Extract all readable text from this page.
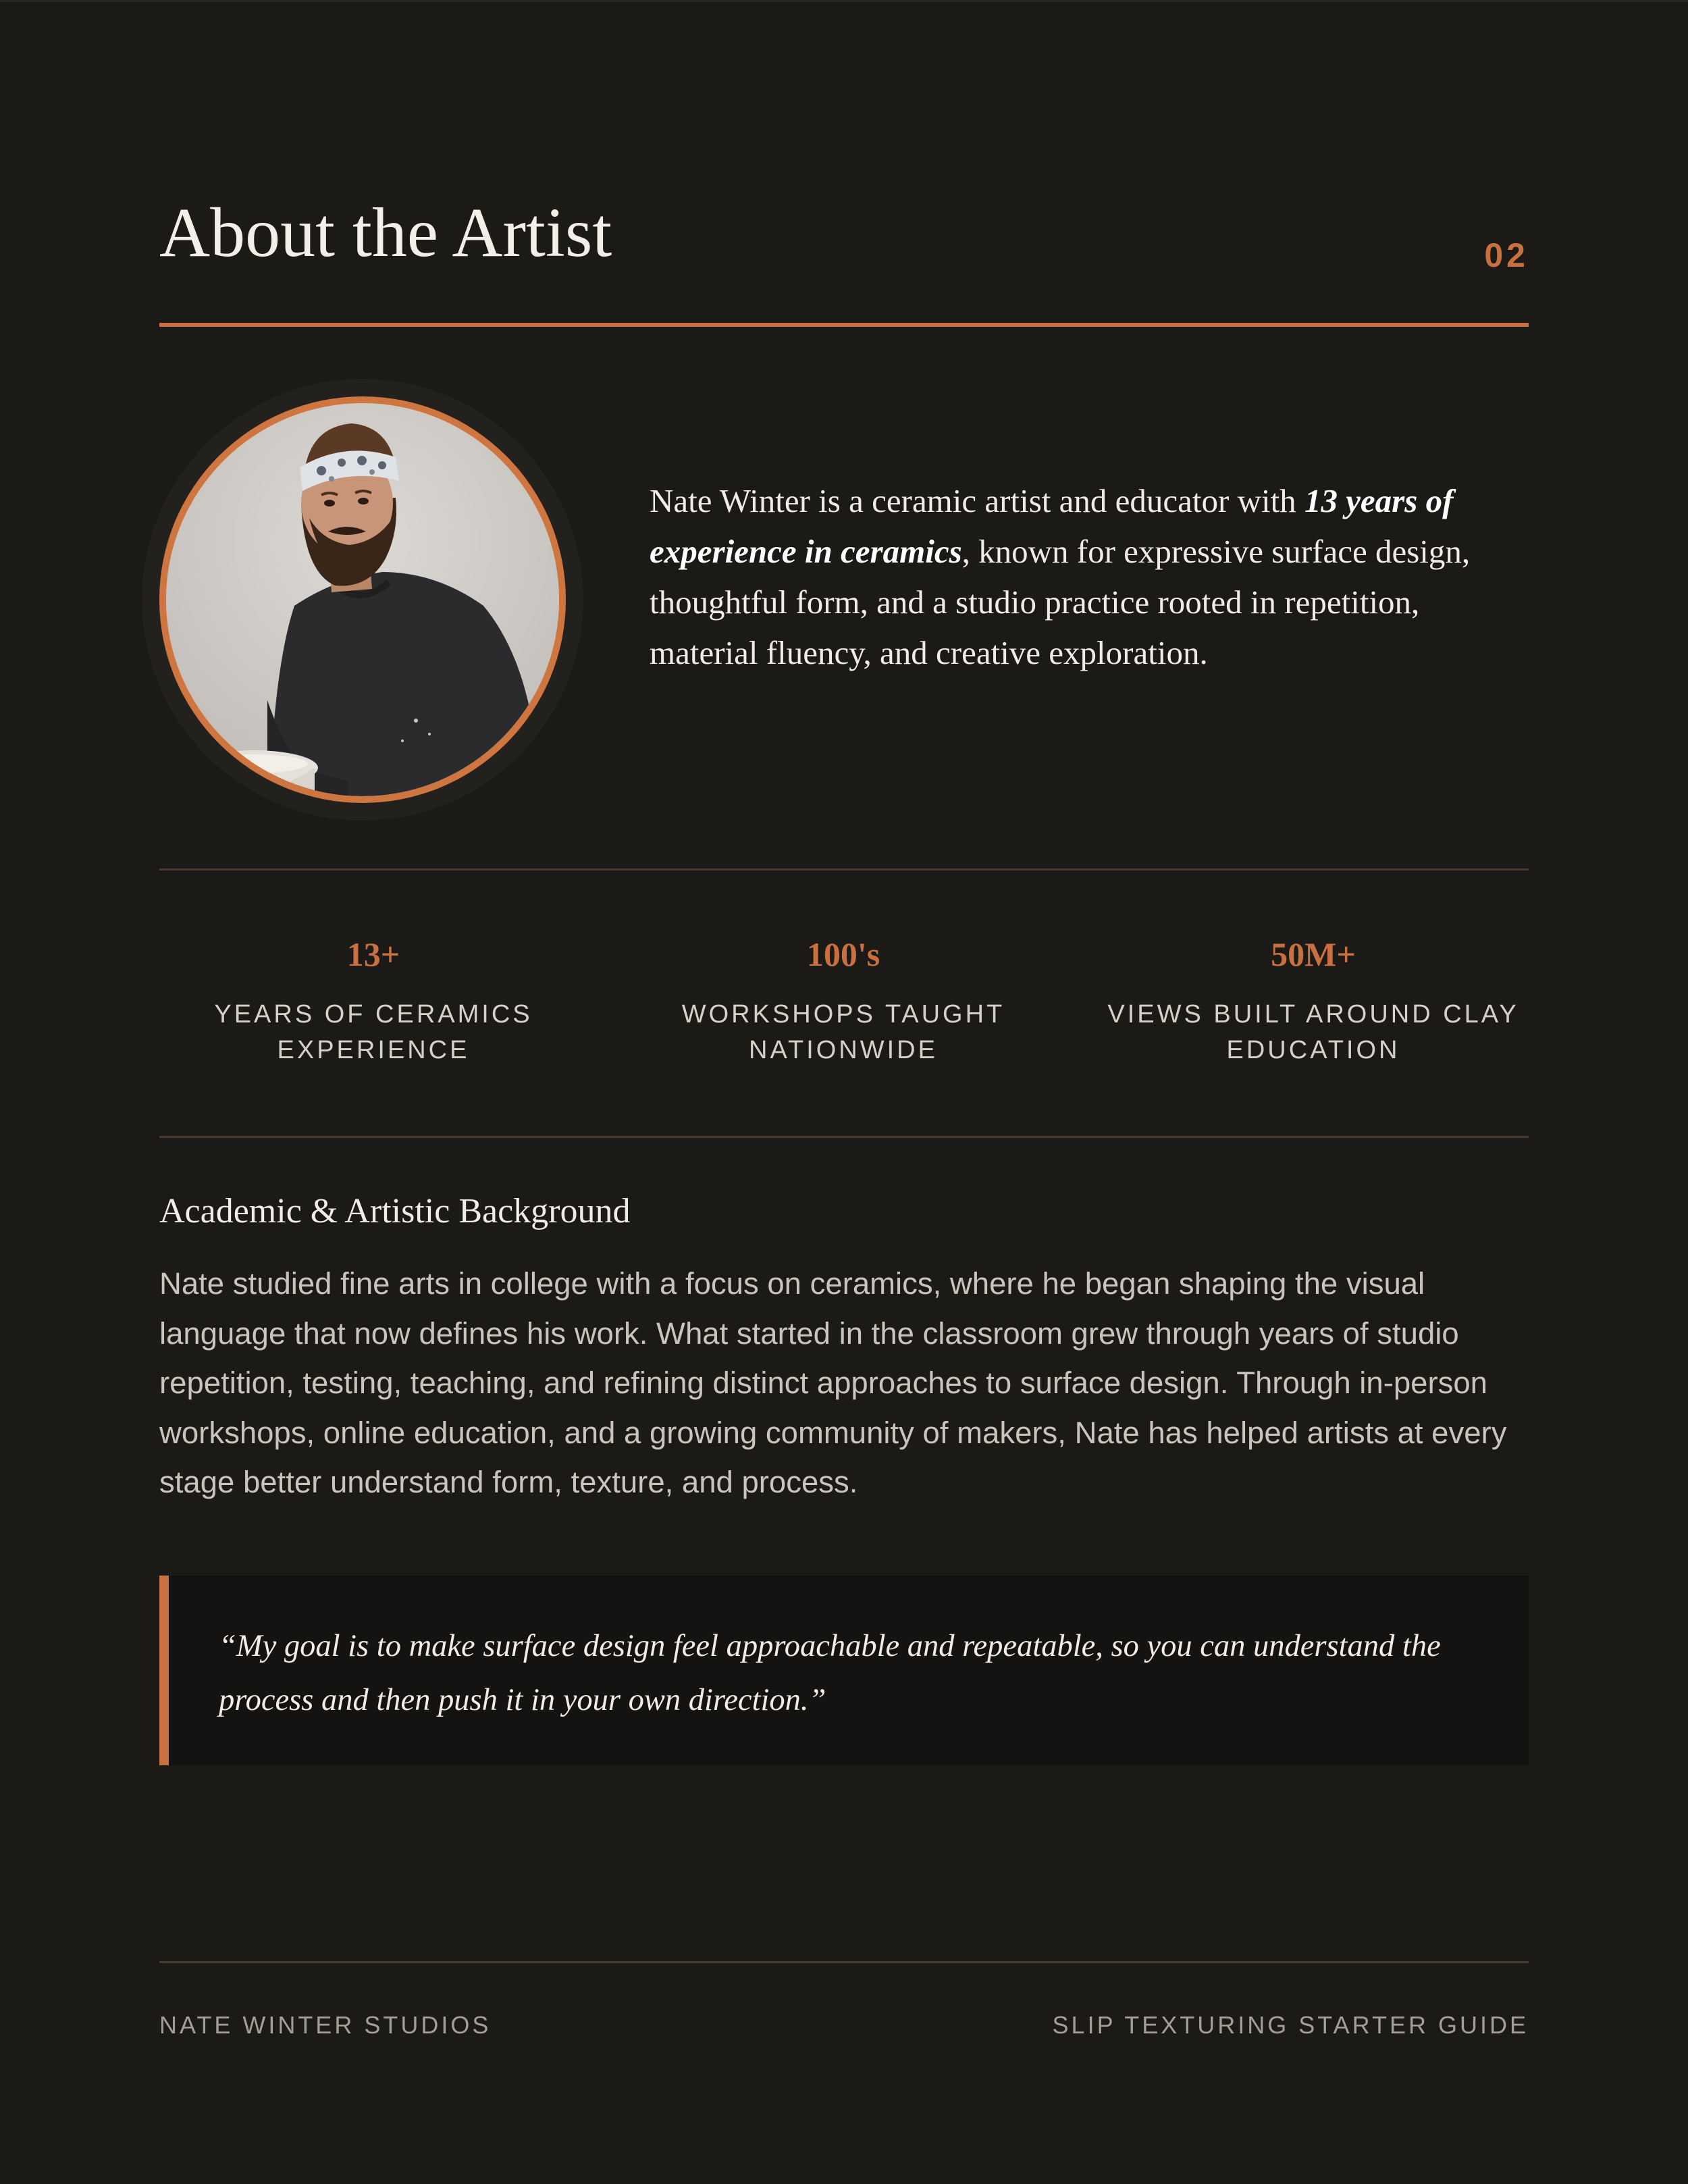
About the Artist	02
Nate Winter is a ceramic artist and educator with 13 years of experience in ceramics, known for expressive surface design, thoughtful form, and a studio practice rooted in repetition, material fluency, and creative exploration.
13+
YEARS OF CERAMICS
EXPERIENCE
100's
WORKSHOPS TAUGHT
NATIONWIDE
50M+
VIEWS BUILT AROUND CLAY
EDUCATION
Academic & Artistic Background
Nate studied fine arts in college with a focus on ceramics, where he began shaping the visual language that now defines his work. What started in the classroom grew through years of studio repetition, testing, teaching, and refining distinct approaches to surface design. Through in-person workshops, online education, and a growing community of makers, Nate has helped artists at every stage better understand form, texture, and process.
“My goal is to make surface design feel approachable and repeatable, so you can understand the process and then push it in your own direction.”
NATE WINTER STUDIOS	SLIP TEXTURING STARTER GUIDE
